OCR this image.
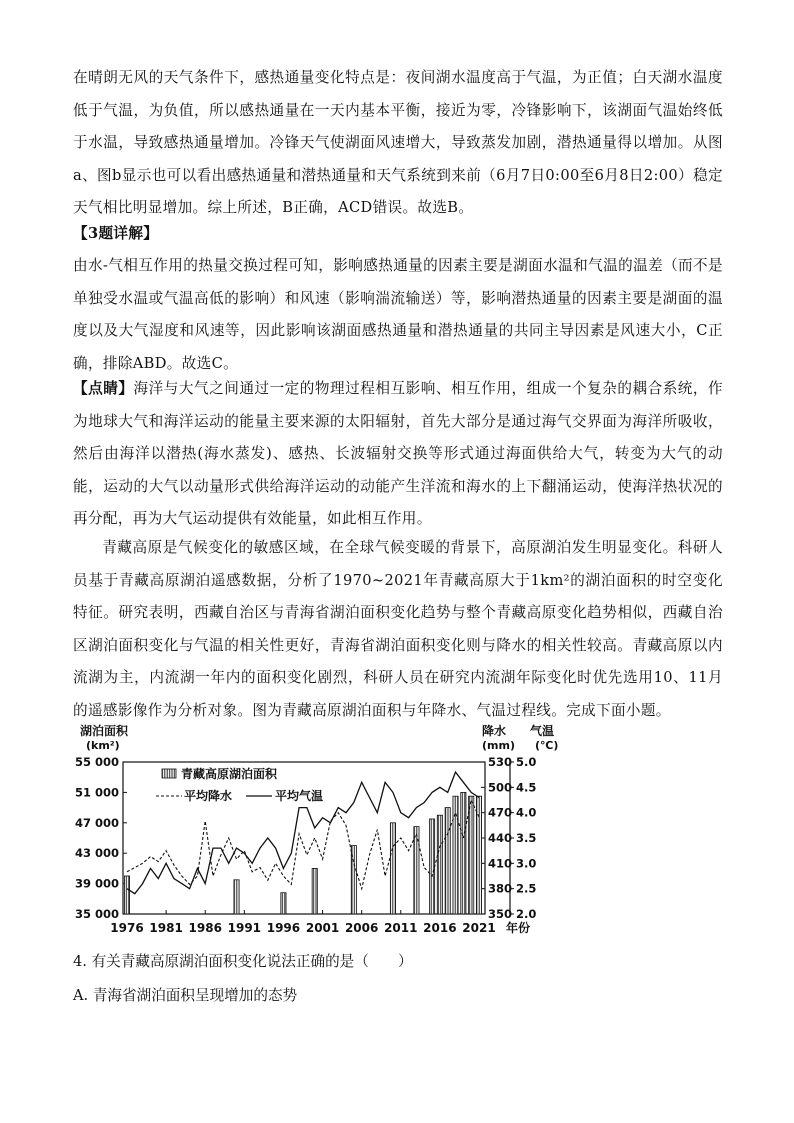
在晴朗无风的天气条件下，感热通量变化特点是：夜间湖水温度高于气温，为正值；白天湖水温度低于气温，为负值，所以感热通量在一天内基本平衡，接近为零，冷锋影响下，该湖面气温始终低于水温，导致感热通量增加。冷锋天气使湖面风速增大，导致蒸发加剧，潜热通量得以增加。从图a、图b显示也可以看出感热通量和潜热通量和天气系统到来前（6月7日0:00至6月8日2:00）稳定天气相比明显增加。综上所述，B正确，ACD错误。故选B。

【3题详解】

由水-气相互作用的热量交换过程可知，影响感热通量的因素主要是湖面水温和气温的温差（而不是单独受水温或气温高低的影响）和风速（影响湍流输送）等，影响潜热通量的因素主要是湖面的温度以及大气湿度和风速等，因此影响该湖面感热通量和潜热通量的共同主导因素是风速大小，C正确，排除ABD。故选C。

【点睛】海洋与大气之间通过一定的物理过程相互影响、相互作用，组成一个复杂的耦合系统，作为地球大气和海洋运动的能量主要来源的太阳辐射，首先大部分是通过海气交界面为海洋所吸收，然后由海洋以潜热(海水蒸发)、感热、长波辐射交换等形式通过海面供给大气，转变为大气的动能，运动的大气以动量形式供给海洋运动的动能产生洋流和海水的上下翻涌运动，使海洋热状况的再分配，再为大气运动提供有效能量，如此相互作用。

青藏高原是气候变化的敏感区域，在全球气候变暖的背景下，高原湖泊发生明显变化。科研人员基于青藏高原湖泊遥感数据，分析了1970~2021年青藏高原大于1km²的湖泊面积的时空变化特征。研究表明，西藏自治区与青海省湖泊面积变化趋势与整个青藏高原变化趋势相似，西藏自治区湖泊面积变化与气温的相关性更好，青海省湖泊面积变化则与降水的相关性较高。青藏高原以内流湖为主，内流湖一年内的面积变化剧烈，科研人员在研究内流湖年际变化时优先选用10、11月的遥感影像作为分析对象。图为青藏高原湖泊面积与年降水、气温过程线。完成下面小题。

湖泊面积
(km²)
降水
(mm)
气温
(℃)
55 000
51 000
47 000
43 000
39 000
35 000
530
500
470
440
410
380
350
5.0
4.5
4.0
3.5
3.0
2.5
2.0
1976 1981 1986 1991 1996 2001 2006 2011 2016 2021 年份
青藏高原湖泊面积
平均降水	平均气温

4. 有关青藏高原湖泊面积变化说法正确的是（　　）

A. 青海省湖泊面积呈现增加的态势
